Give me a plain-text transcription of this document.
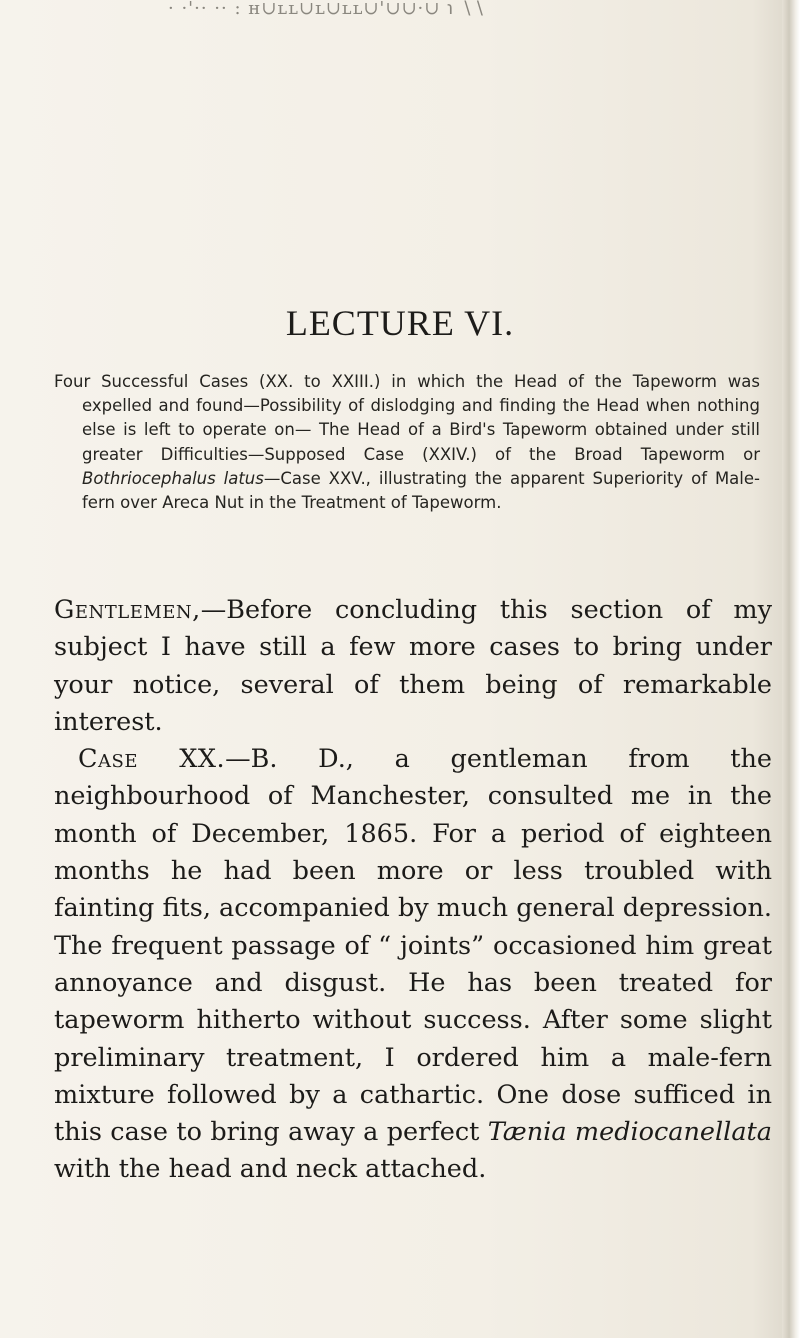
· ·'·· ·· : ʜ∪ʟʟ∪ʟ∪ʟʟ∪'∪∪·∪ ℩ ∖∖
LECTURE VI.

Four Successful Cases (XX. to XXIII.) in which the Head of the Tapeworm was expelled and found—Possibility of dislodging and finding the Head when nothing else is left to operate on— The Head of a Bird's Tapeworm obtained under still greater Difficulties—Supposed Case (XXIV.) of the Broad Tapeworm or Bothriocephalus latus—Case XXV., illustrating the apparent Superiority of Male-fern over Areca Nut in the Treatment of Tapeworm.

Gentlemen,—Before concluding this section of my subject I have still a few more cases to bring under your notice, several of them being of remarkable interest.

Case XX.—B. D., a gentleman from the neighbourhood of Manchester, consulted me in the month of December, 1865. For a period of eighteen months he had been more or less troubled with fainting fits, accompanied by much general depression. The frequent passage of “ joints” occasioned him great annoyance and disgust. He has been treated for tapeworm hitherto without success. After some slight preliminary treatment, I ordered him a male-fern mixture followed by a cathartic. One dose sufficed in this case to bring away a perfect Tænia mediocanellata with the head and neck attached.
